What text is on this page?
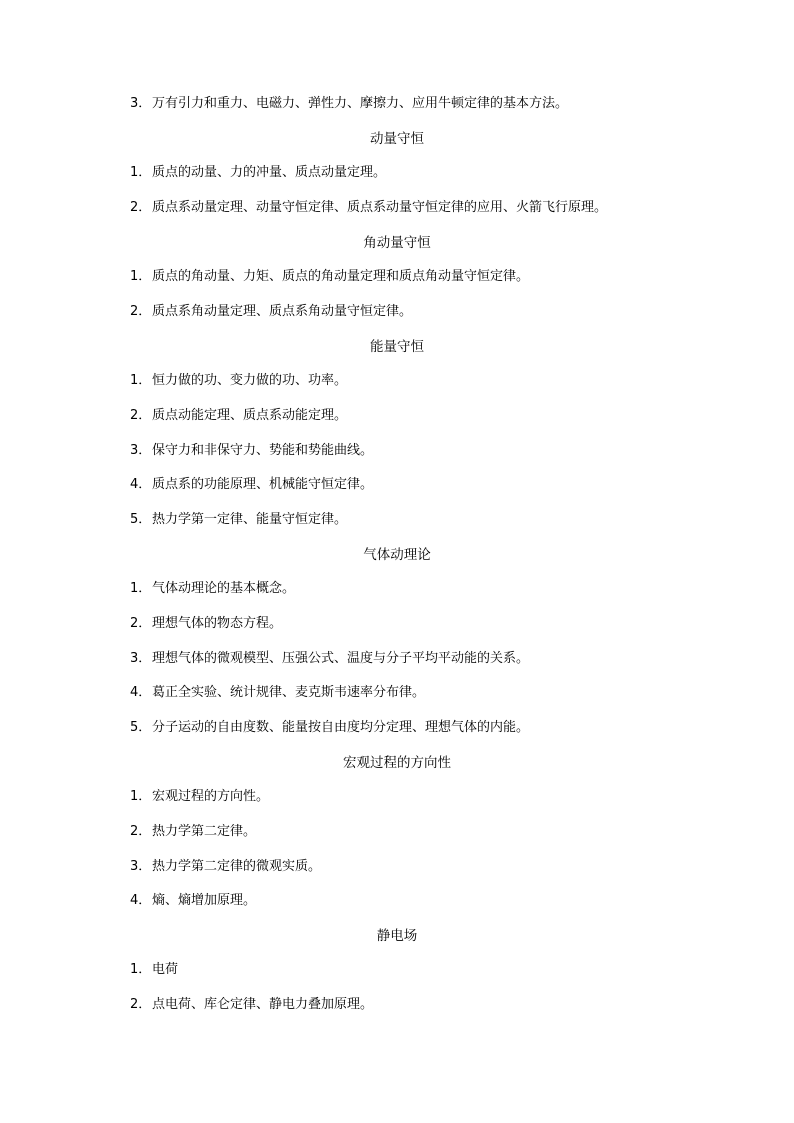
3． 万有引力和重力、电磁力、弹性力、摩擦力、应用牛顿定律的基本方法。
动量守恒
1． 质点的动量、力的冲量、质点动量定理。
2． 质点系动量定理、动量守恒定律、质点系动量守恒定律的应用、火箭飞行原理。
角动量守恒
1． 质点的角动量、力矩、质点的角动量定理和质点角动量守恒定律。
2． 质点系角动量定理、质点系角动量守恒定律。
能量守恒
1． 恒力做的功、变力做的功、功率。
2． 质点动能定理、质点系动能定理。
3． 保守力和非保守力、势能和势能曲线。
4． 质点系的功能原理、机械能守恒定律。
5． 热力学第一定律、能量守恒定律。
气体动理论
1． 气体动理论的基本概念。
2． 理想气体的物态方程。
3． 理想气体的微观模型、压强公式、温度与分子平均平动能的关系。
4． 葛正全实验、统计规律、麦克斯韦速率分布律。
5． 分子运动的自由度数、能量按自由度均分定理、理想气体的内能。
宏观过程的方向性
1． 宏观过程的方向性。
2． 热力学第二定律。
3． 热力学第二定律的微观实质。
4． 熵、熵增加原理。
静电场
1． 电荷
2． 点电荷、库仑定律、静电力叠加原理。
